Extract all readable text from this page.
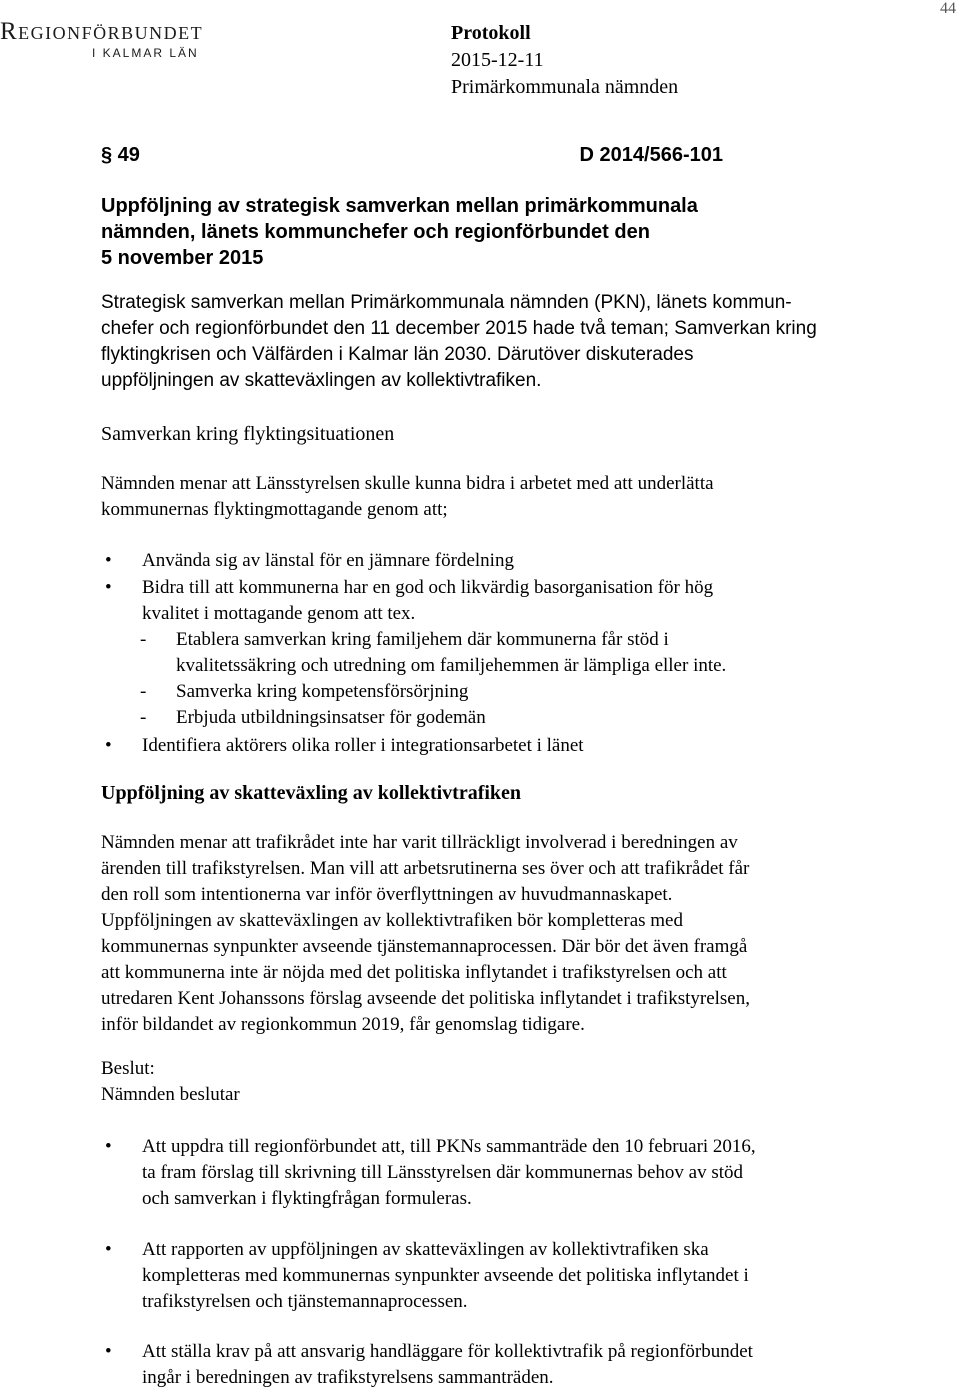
Regionförbundet
I KALMAR LÄN
Protokoll
2015-12-11
Primärkommunala nämnden
44
§ 49	D 2014/566-101
Uppföljning av strategisk samverkan mellan primärkommunala
nämnden, länets kommunchefer och regionförbundet den
5 november 2015
Strategisk samverkan mellan Primärkommunala nämnden (PKN), länets kommun-
chefer och regionförbundet den 11 december 2015 hade två teman; Samverkan kring
flyktingkrisen och Välfärden i Kalmar län 2030. Därutöver diskuterades
uppföljningen av skatteväxlingen av kollektivtrafiken.
Samverkan kring flyktingsituationen
Nämnden menar att Länsstyrelsen skulle kunna bidra i arbetet med att underlätta
kommunernas flyktingmottagande genom att;
• Använda sig av länstal för en jämnare fördelning
• Bidra till att kommunerna har en god och likvärdig basorganisation för hög
kvalitet i mottagande genom att tex.
- Etablera samverkan kring familjehem där kommunerna får stöd i
kvalitetssäkring och utredning om familjehemmen är lämpliga eller inte.
- Samverka kring kompetensförsörjning
- Erbjuda utbildningsinsatser för godemän
• Identifiera aktörers olika roller i integrationsarbetet i länet
Uppföljning av skatteväxling av kollektivtrafiken
Nämnden menar att trafikrådet inte har varit tillräckligt involverad i beredningen av
ärenden till trafikstyrelsen. Man vill att arbetsrutinerna ses över och att trafikrådet får
den roll som intentionerna var inför överflyttningen av huvudmannaskapet.
Uppföljningen av skatteväxlingen av kollektivtrafiken bör kompletteras med
kommunernas synpunkter avseende tjänstemannaprocessen. Där bör det även framgå
att kommunerna inte är nöjda med det politiska inflytandet i trafikstyrelsen och att
utredaren Kent Johanssons förslag avseende det politiska inflytandet i trafikstyrelsen,
inför bildandet av regionkommun 2019, får genomslag tidigare.
Beslut:
Nämnden beslutar
• Att uppdra till regionförbundet att, till PKNs sammanträde den 10 februari 2016,
ta fram förslag till skrivning till Länsstyrelsen där kommunernas behov av stöd
och samverkan i flyktingfrågan formuleras.
• Att rapporten av uppföljningen av skatteväxlingen av kollektivtrafiken ska
kompletteras med kommunernas synpunkter avseende det politiska inflytandet i
trafikstyrelsen och tjänstemannaprocessen.
• Att ställa krav på att ansvarig handläggare för kollektivtrafik på regionförbundet
ingår i beredningen av trafikstyrelsens sammanträden.
